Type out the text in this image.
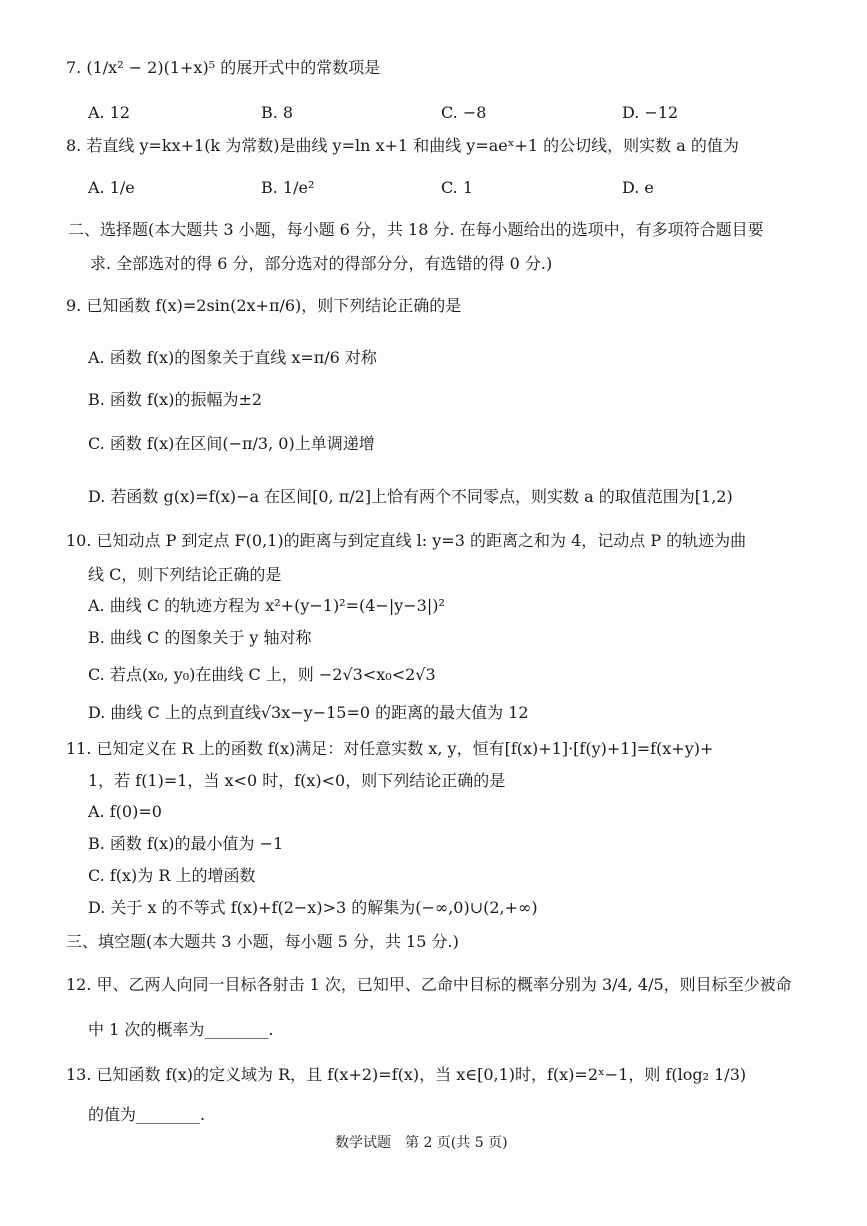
7. (1/x² − 2)(1+x)⁵ 的展开式中的常数项是
A. 12	B. 8	C. −8	D. −12
8. 若直线 y=kx+1(k 为常数)是曲线 y=ln x+1 和曲线 y=aeˣ+1 的公切线，则实数 a 的值为
A. 1/e	B. 1/e²	C. 1	D. e
二、选择题(本大题共 3 小题，每小题 6 分，共 18 分. 在每小题给出的选项中，有多项符合题目要
求. 全部选对的得 6 分，部分选对的得部分分，有选错的得 0 分.)
9. 已知函数 f(x)=2sin(2x+π/6)，则下列结论正确的是
A. 函数 f(x)的图象关于直线 x=π/6 对称
B. 函数 f(x)的振幅为±2
C. 函数 f(x)在区间(−π/3, 0)上单调递增
D. 若函数 g(x)=f(x)−a 在区间[0, π/2]上恰有两个不同零点，则实数 a 的取值范围为[1,2)
10. 已知动点 P 到定点 F(0,1)的距离与到定直线 l: y=3 的距离之和为 4，记动点 P 的轨迹为曲
线 C，则下列结论正确的是
A. 曲线 C 的轨迹方程为 x²+(y−1)²=(4−|y−3|)²
B. 曲线 C 的图象关于 y 轴对称
C. 若点(x₀, y₀)在曲线 C 上，则 −2√3<x₀<2√3
D. 曲线 C 上的点到直线√3x−y−15=0 的距离的最大值为 12
11. 已知定义在 R 上的函数 f(x)满足：对任意实数 x, y，恒有[f(x)+1]·[f(y)+1]=f(x+y)+
1，若 f(1)=1，当 x<0 时，f(x)<0，则下列结论正确的是
A. f(0)=0
B. 函数 f(x)的最小值为 −1
C. f(x)为 R 上的增函数
D. 关于 x 的不等式 f(x)+f(2−x)>3 的解集为(−∞,0)∪(2,+∞)
三、填空题(本大题共 3 小题，每小题 5 分，共 15 分.)
12. 甲、乙两人向同一目标各射击 1 次，已知甲、乙命中目标的概率分别为 3/4, 4/5，则目标至少被命
中 1 次的概率为________.
13. 已知函数 f(x)的定义域为 R，且 f(x+2)=f(x)，当 x∈[0,1)时，f(x)=2ˣ−1，则 f(log₂ 1/3)
的值为________.
数学试题　第 2 页(共 5 页)
